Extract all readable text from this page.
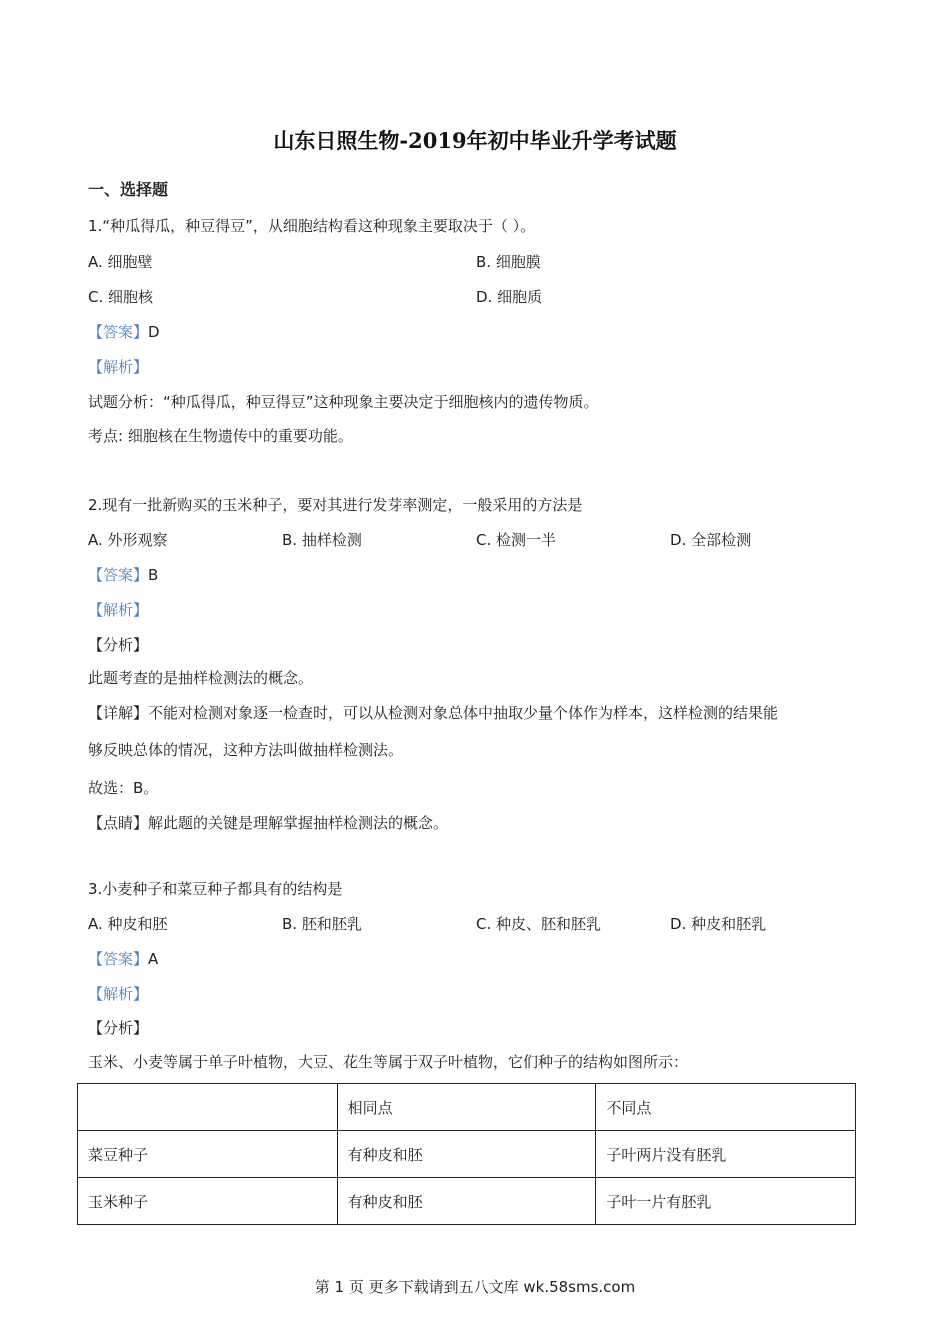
山东日照生物-2019年初中毕业升学考试题
一、选择题
1.“种瓜得瓜，种豆得豆”，从细胞结构看这种现象主要取决于（ ）。
A. 细胞壁	B. 细胞膜
C. 细胞核	D. 细胞质
【答案】D
【解析】
试题分析：“种瓜得瓜，种豆得豆”这种现象主要决定于细胞核内的遗传物质。
考点: 细胞核在生物遗传中的重要功能。
2.现有一批新购买的玉米种子，要对其进行发芽率测定，一般采用的方法是
A. 外形观察	B. 抽样检测	C. 检测一半	D. 全部检测
【答案】B
【解析】
【分析】
此题考查的是抽样检测法的概念。
【详解】不能对检测对象逐一检查时，可以从检测对象总体中抽取少量个体作为样本，这样检测的结果能
够反映总体的情况，这种方法叫做抽样检测法。
故选：B。
【点睛】解此题的关键是理解掌握抽样检测法的概念。
3.小麦种子和菜豆种子都具有的结构是
A. 种皮和胚	B. 胚和胚乳	C. 种皮、胚和胚乳	D. 种皮和胚乳
【答案】A
【解析】
【分析】
玉米、小麦等属于单子叶植物，大豆、花生等属于双子叶植物，它们种子的结构如图所示：
	相同点	不同点
菜豆种子	有种皮和胚	子叶两片没有胚乳
玉米种子	有种皮和胚	子叶一片有胚乳
第 1 页 更多下载请到五八文库 wk.58sms.com
